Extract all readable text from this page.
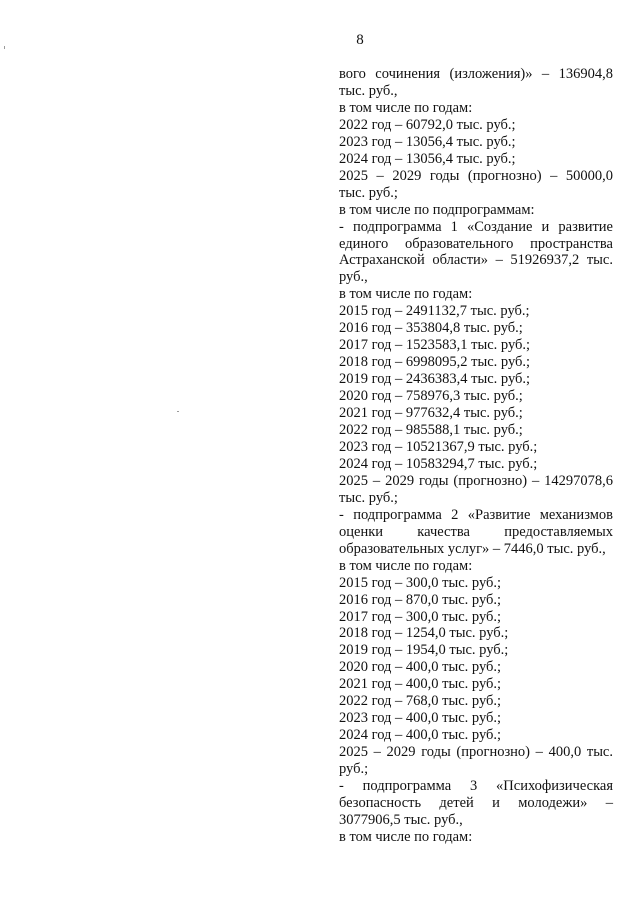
8

вого сочинения (изложения)» – 136904,8 тыс. руб.,

в том числе по годам:

2022 год – 60792,0 тыс. руб.;

2023 год – 13056,4 тыс. руб.;

2024 год – 13056,4 тыс. руб.;

2025 – 2029 годы (прогнозно) – 50000,0 тыс. руб.;

в том числе по подпрограммам:

- подпрограмма 1 «Создание и развитие единого образовательного пространства Астраханской области» – 51926937,2 тыс. руб.,

в том числе по годам:

2015 год – 2491132,7 тыс. руб.;

2016 год – 353804,8 тыс. руб.;

2017 год – 1523583,1 тыс. руб.;

2018 год – 6998095,2 тыс. руб.;

2019 год – 2436383,4 тыс. руб.;

2020 год – 758976,3 тыс. руб.;

2021 год – 977632,4 тыс. руб.;

2022 год – 985588,1 тыс. руб.;

2023 год – 10521367,9 тыс. руб.;

2024 год – 10583294,7 тыс. руб.;

2025 – 2029 годы (прогнозно) – 14297078,6 тыс. руб.;

- подпрограмма 2 «Развитие механизмов оценки качества предоставляемых образовательных услуг» – 7446,0 тыс. руб.,

в том числе по годам:

2015 год – 300,0 тыс. руб.;

2016 год – 870,0 тыс. руб.;

2017 год – 300,0 тыс. руб.;

2018 год – 1254,0 тыс. руб.;

2019 год – 1954,0 тыс. руб.;

2020 год – 400,0 тыс. руб.;

2021 год – 400,0 тыс. руб.;

2022 год – 768,0 тыс. руб.;

2023 год – 400,0 тыс. руб.;

2024 год – 400,0 тыс. руб.;

2025 – 2029 годы (прогнозно) – 400,0 тыс. руб.;

- подпрограмма 3 «Психофизическая безопасность детей и молодежи» – 3077906,5 тыс. руб.,

в том числе по годам:
